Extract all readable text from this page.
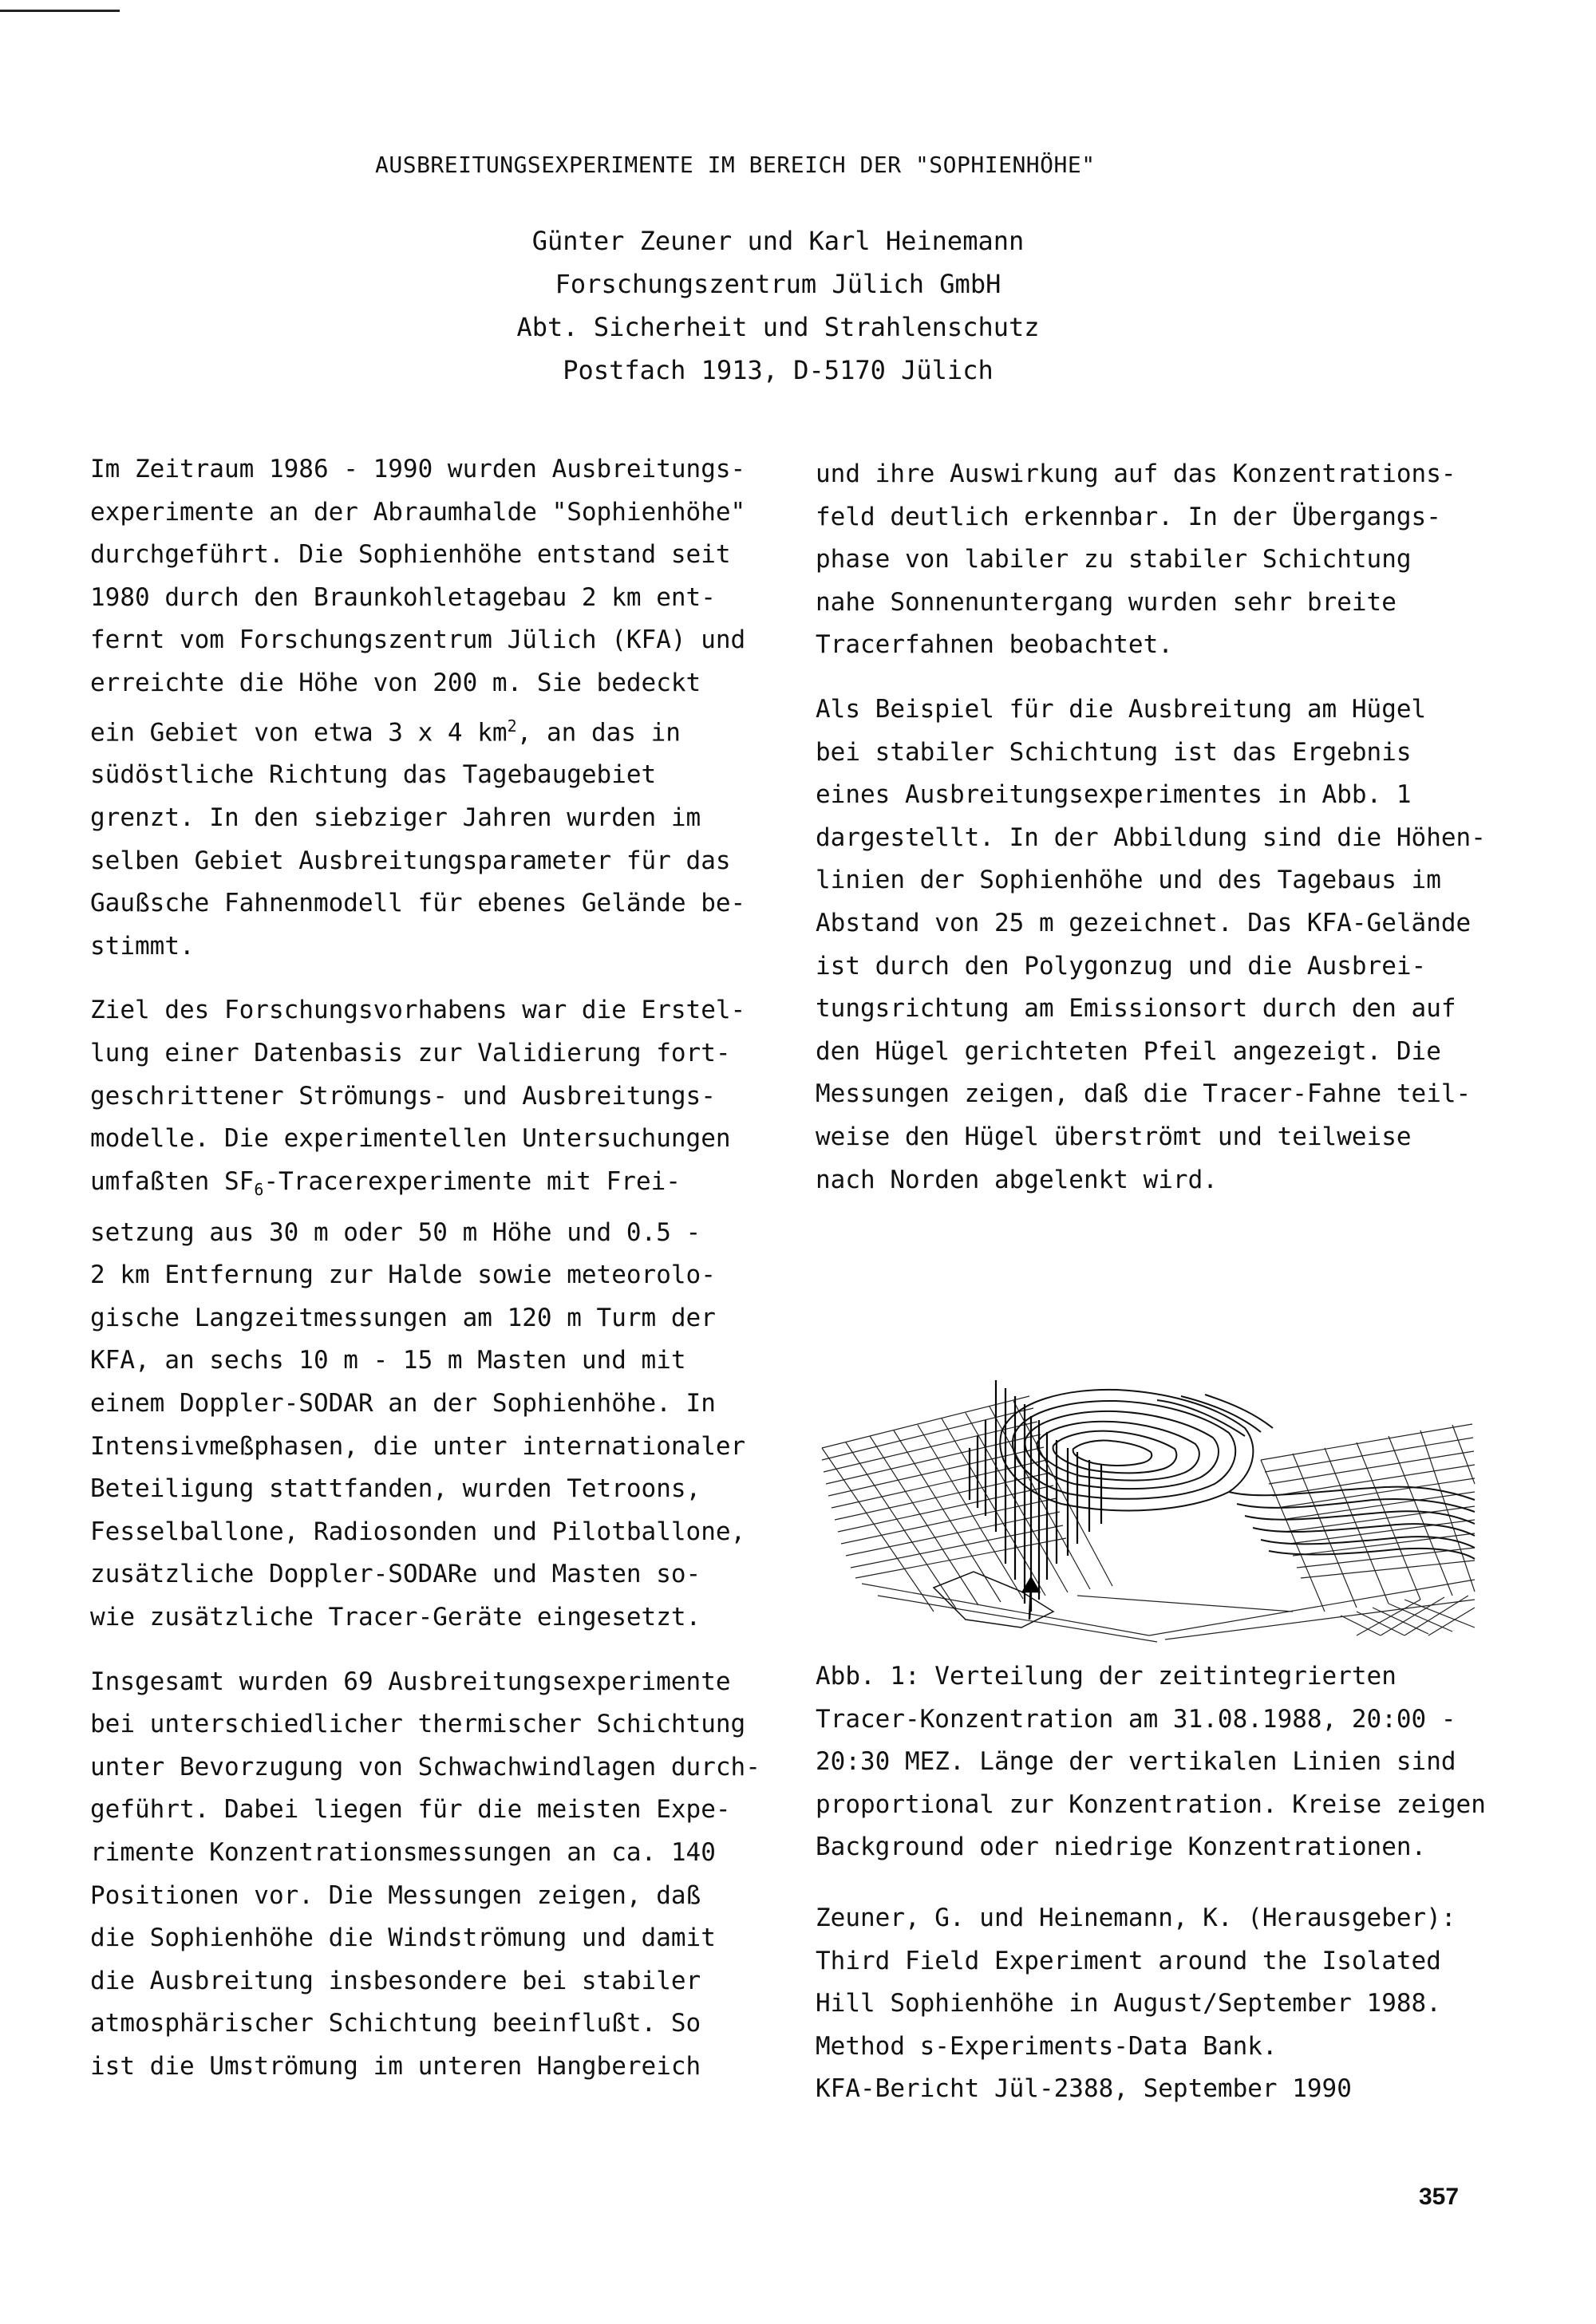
AUSBREITUNGSEXPERIMENTE IM BEREICH DER "SOPHIENHÖHE"
Günter Zeuner und Karl Heinemann
Forschungszentrum Jülich GmbH
Abt. Sicherheit und Strahlenschutz
Postfach 1913, D-5170 Jülich

Im Zeitraum 1986 - 1990 wurden Ausbreitungs-
experimente an der Abraumhalde "Sophienhöhe"
durchgeführt. Die Sophienhöhe entstand seit
1980 durch den Braunkohletagebau 2 km ent-
fernt vom Forschungszentrum Jülich (KFA) und
erreichte die Höhe von 200 m. Sie bedeckt
ein Gebiet von etwa 3 x 4 $km^2$, an das in
südöstliche Richtung das Tagebaugebiet
grenzt. In den siebziger Jahren wurden im
selben Gebiet Ausbreitungsparameter für das
Gaußsche Fahnenmodell für ebenes Gelände be-
stimmt.

Ziel des Forschungsvorhabens war die Erstel-
lung einer Datenbasis zur Validierung fort-
geschrittener Strömungs- und Ausbreitungs-
modelle. Die experimentellen Untersuchungen
umfaßten $SF_6$-Tracerexperimente mit Frei-
setzung aus 30 m oder 50 m Höhe und 0.5 -
2 km Entfernung zur Halde sowie meteorolo-
gische Langzeitmessungen am 120 m Turm der
KFA, an sechs 10 m - 15 m Masten und mit
einem Doppler-SODAR an der Sophienhöhe. In
Intensivmeßphasen, die unter internationaler
Beteiligung stattfanden, wurden Tetroons,
Fesselballone, Radiosonden und Pilotballone,
zusätzliche Doppler-SODARe und Masten so-
wie zusätzliche Tracer-Geräte eingesetzt.

Insgesamt wurden 69 Ausbreitungsexperimente
bei unterschiedlicher thermischer Schichtung
unter Bevorzugung von Schwachwindlagen durch-
geführt. Dabei liegen für die meisten Expe-
rimente Konzentrationsmessungen an ca. 140
Positionen vor. Die Messungen zeigen, daß
die Sophienhöhe die Windströmung und damit
die Ausbreitung insbesondere bei stabiler
atmosphärischer Schichtung beeinflußt. So
ist die Umströmung im unteren Hangbereich

und ihre Auswirkung auf das Konzentrations-
feld deutlich erkennbar. In der Übergangs-
phase von labiler zu stabiler Schichtung
nahe Sonnenuntergang wurden sehr breite
Tracerfahnen beobachtet.

Als Beispiel für die Ausbreitung am Hügel
bei stabiler Schichtung ist das Ergebnis
eines Ausbreitungsexperimentes in Abb. 1
dargestellt. In der Abbildung sind die Höhen-
linien der Sophienhöhe und des Tagebaus im
Abstand von 25 m gezeichnet. Das KFA-Gelände
ist durch den Polygonzug und die Ausbrei-
tungsrichtung am Emissionsort durch den auf
den Hügel gerichteten Pfeil angezeigt. Die
Messungen zeigen, daß die Tracer-Fahne teil-
weise den Hügel überströmt und teilweise
nach Norden abgelenkt wird.

Abb. 1: Verteilung der zeitintegrierten
Tracer-Konzentration am 31.08.1988, 20:00 -
20:30 MEZ. Länge der vertikalen Linien sind
proportional zur Konzentration. Kreise zeigen
Background oder niedrige Konzentrationen.
Zeuner, G. und Heinemann, K. (Herausgeber):
Third Field Experiment around the Isolated
Hill Sophienhöhe in August/September 1988.
Method s-Experiments-Data Bank.
KFA-Bericht Jül-2388, September 1990
357
